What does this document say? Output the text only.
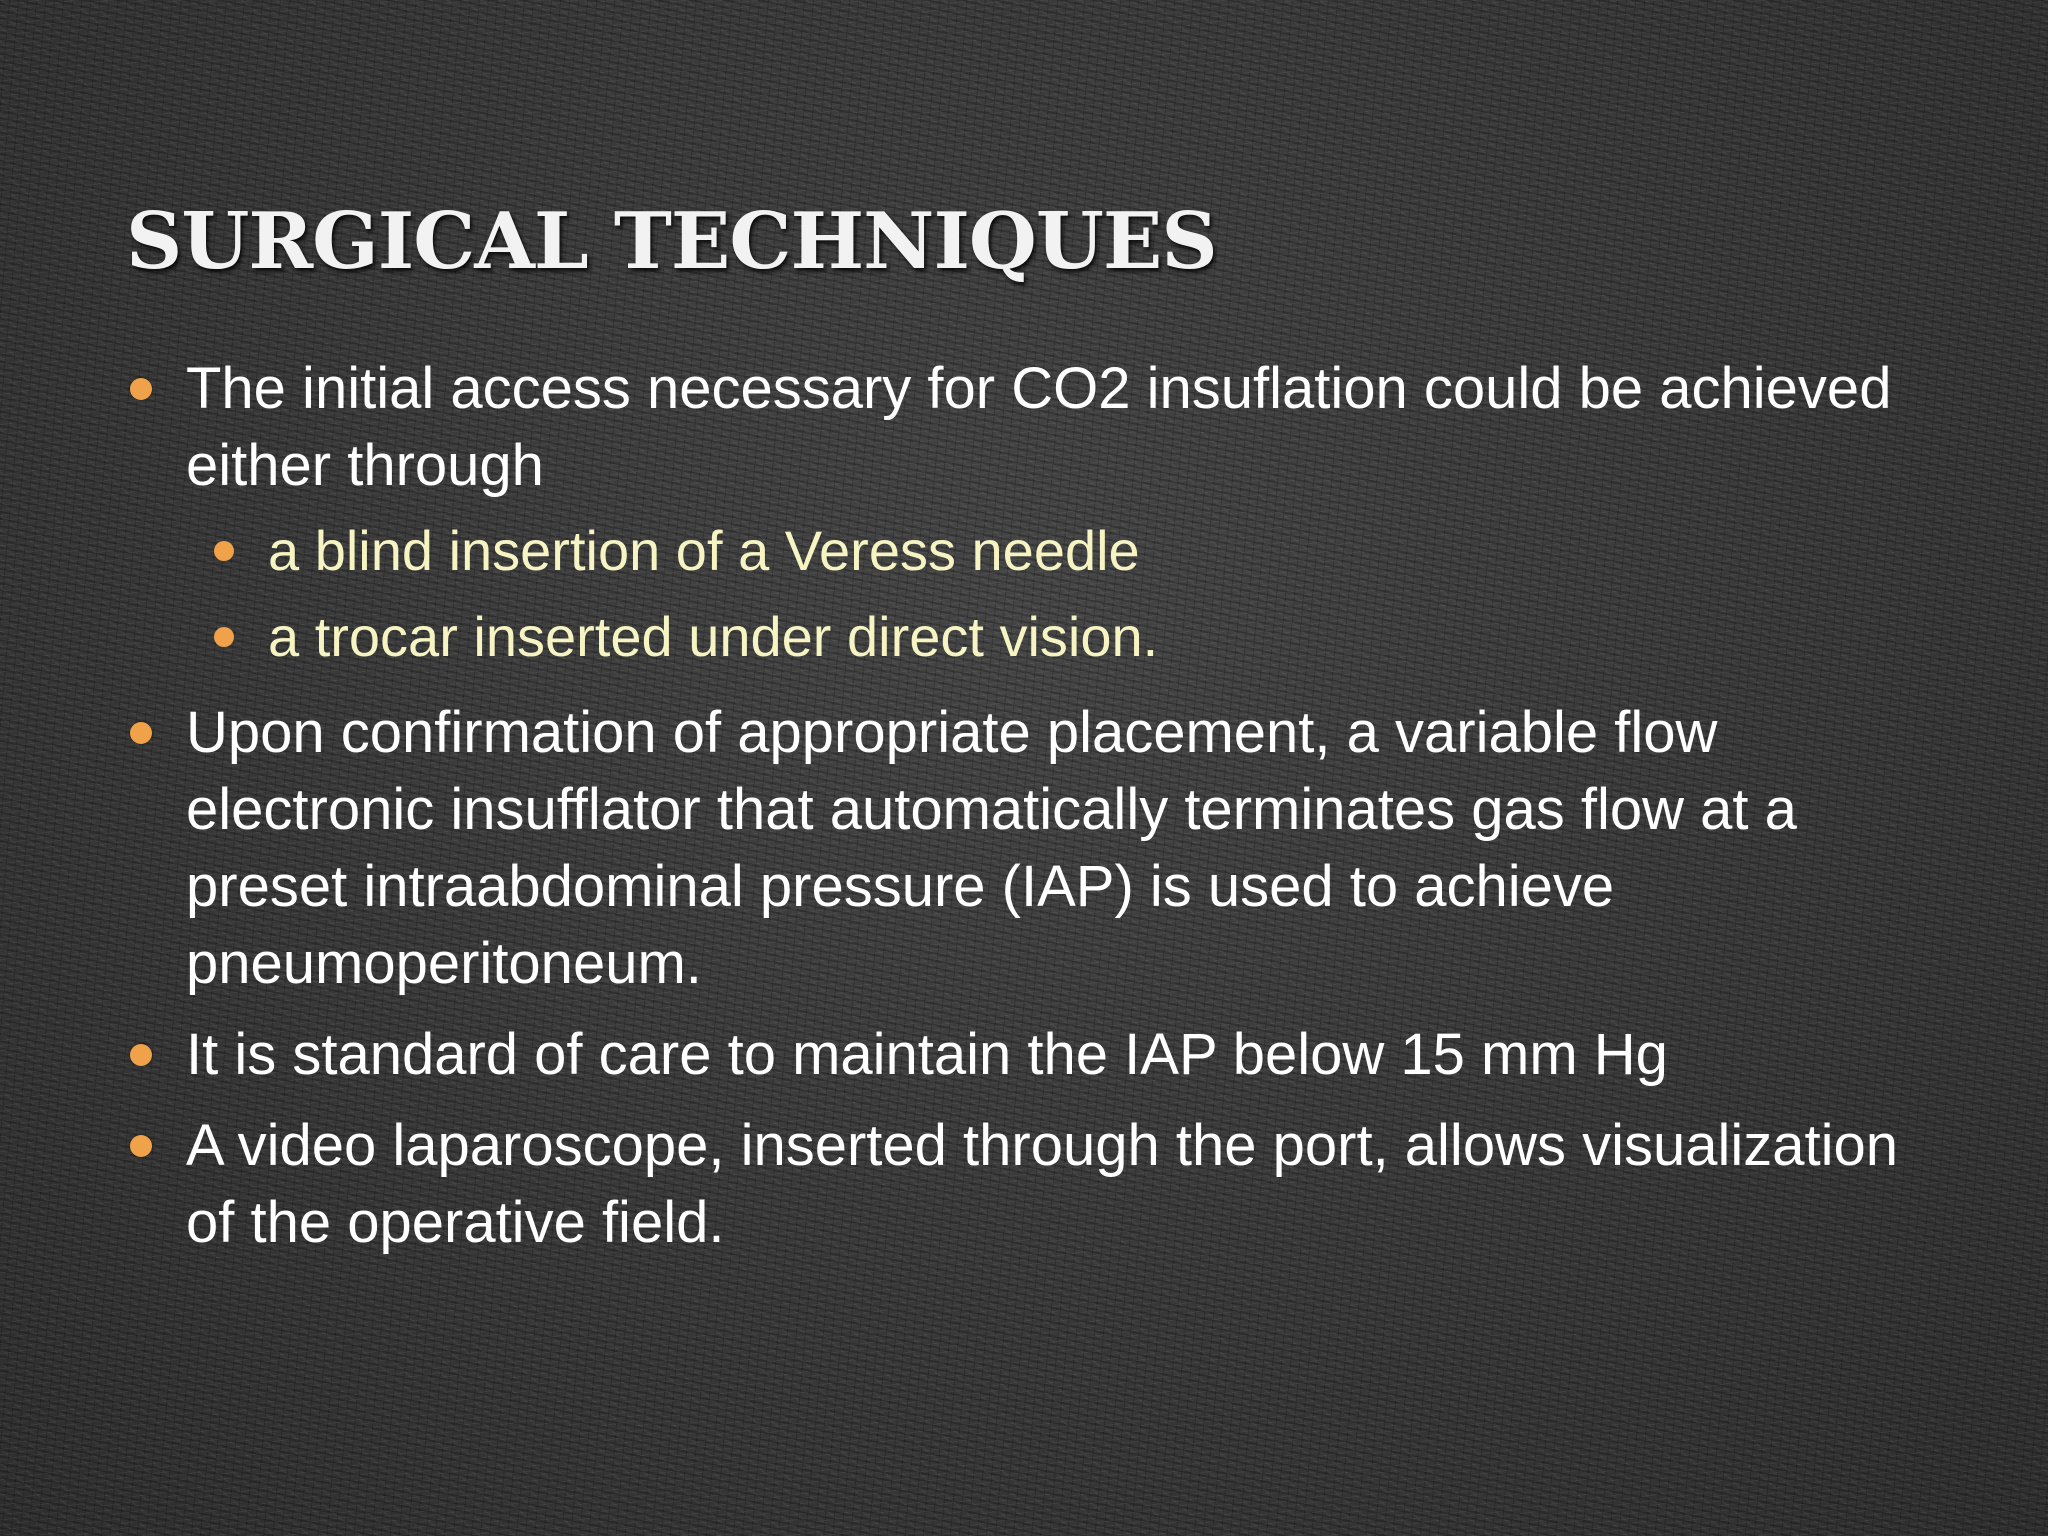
SURGICAL TECHNIQUES
The initial access necessary for CO2 insuflation could be achieved either through
a blind insertion of a Veress needle
a trocar inserted under direct vision.
Upon confirmation of appropriate placement, a variable flow electronic insufflator that automatically terminates gas flow at a preset intraabdominal pressure (IAP) is used to achieve pneumoperitoneum.
It is standard of care to maintain the IAP below 15 mm Hg
A video laparoscope, inserted through the port, allows visualization of the operative field.
